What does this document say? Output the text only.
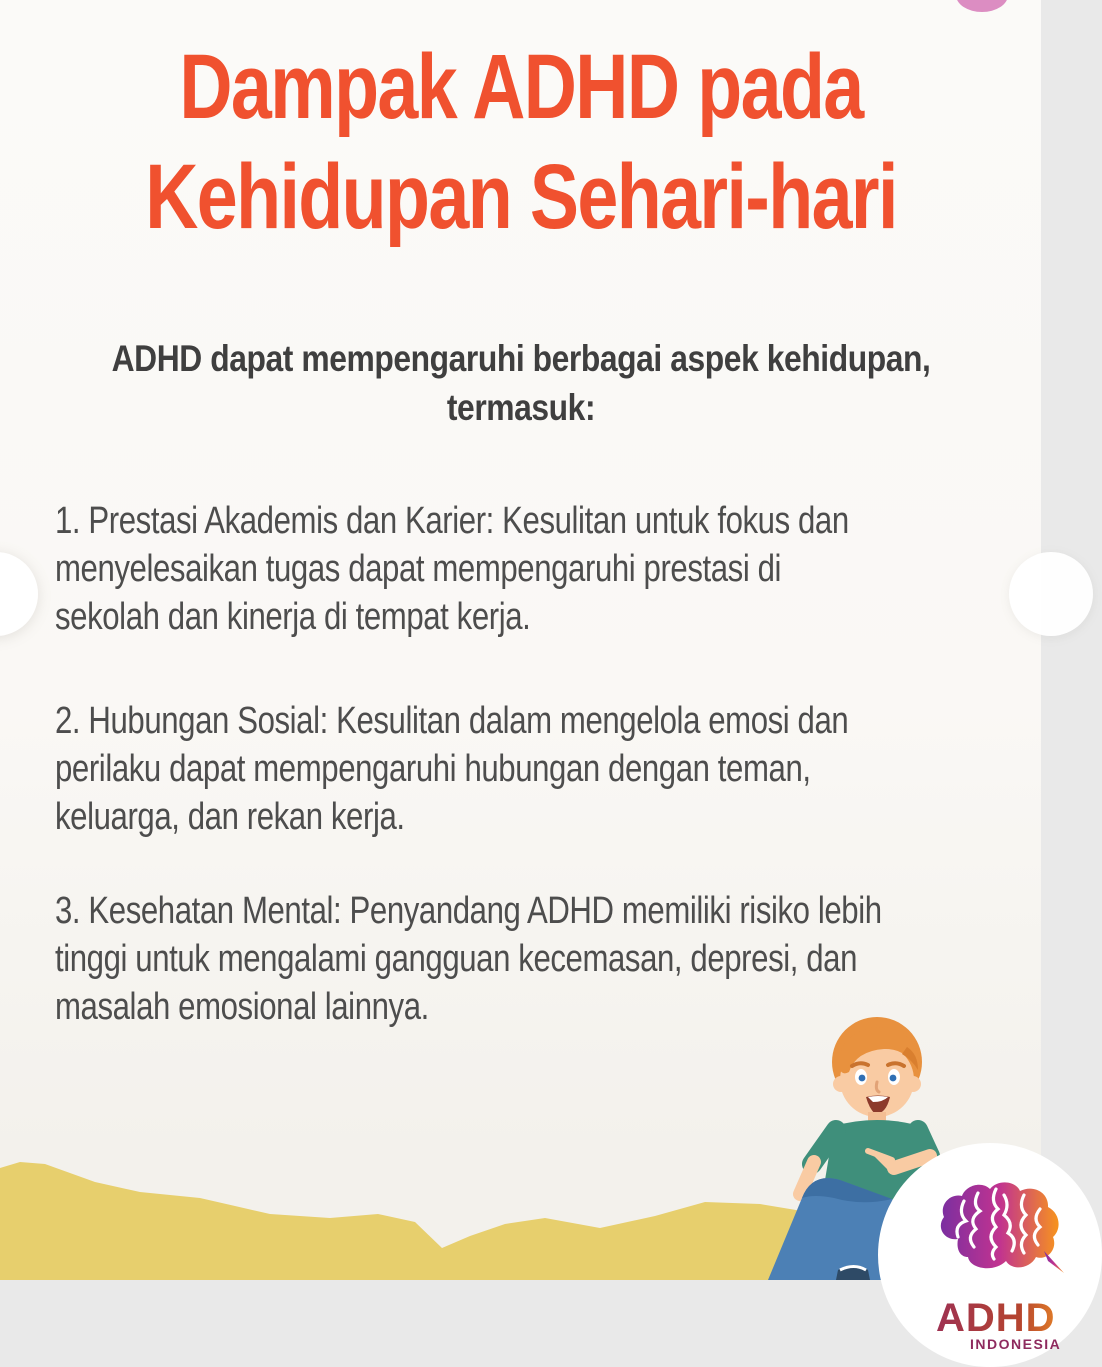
Dampak ADHD pada
Kehidupan Sehari-hari
ADHD dapat mempengaruhi berbagai aspek kehidupan,
termasuk:
1. Prestasi Akademis dan Karier: Kesulitan untuk fokus dan
menyelesaikan tugas dapat mempengaruhi prestasi di
sekolah dan kinerja di tempat kerja.
2. Hubungan Sosial: Kesulitan dalam mengelola emosi dan
perilaku dapat mempengaruhi hubungan dengan teman,
keluarga, dan rekan kerja.
3. Kesehatan Mental: Penyandang ADHD memiliki risiko lebih
tinggi untuk mengalami gangguan kecemasan, depresi, dan
masalah emosional lainnya.
ADHD
INDONESIA
